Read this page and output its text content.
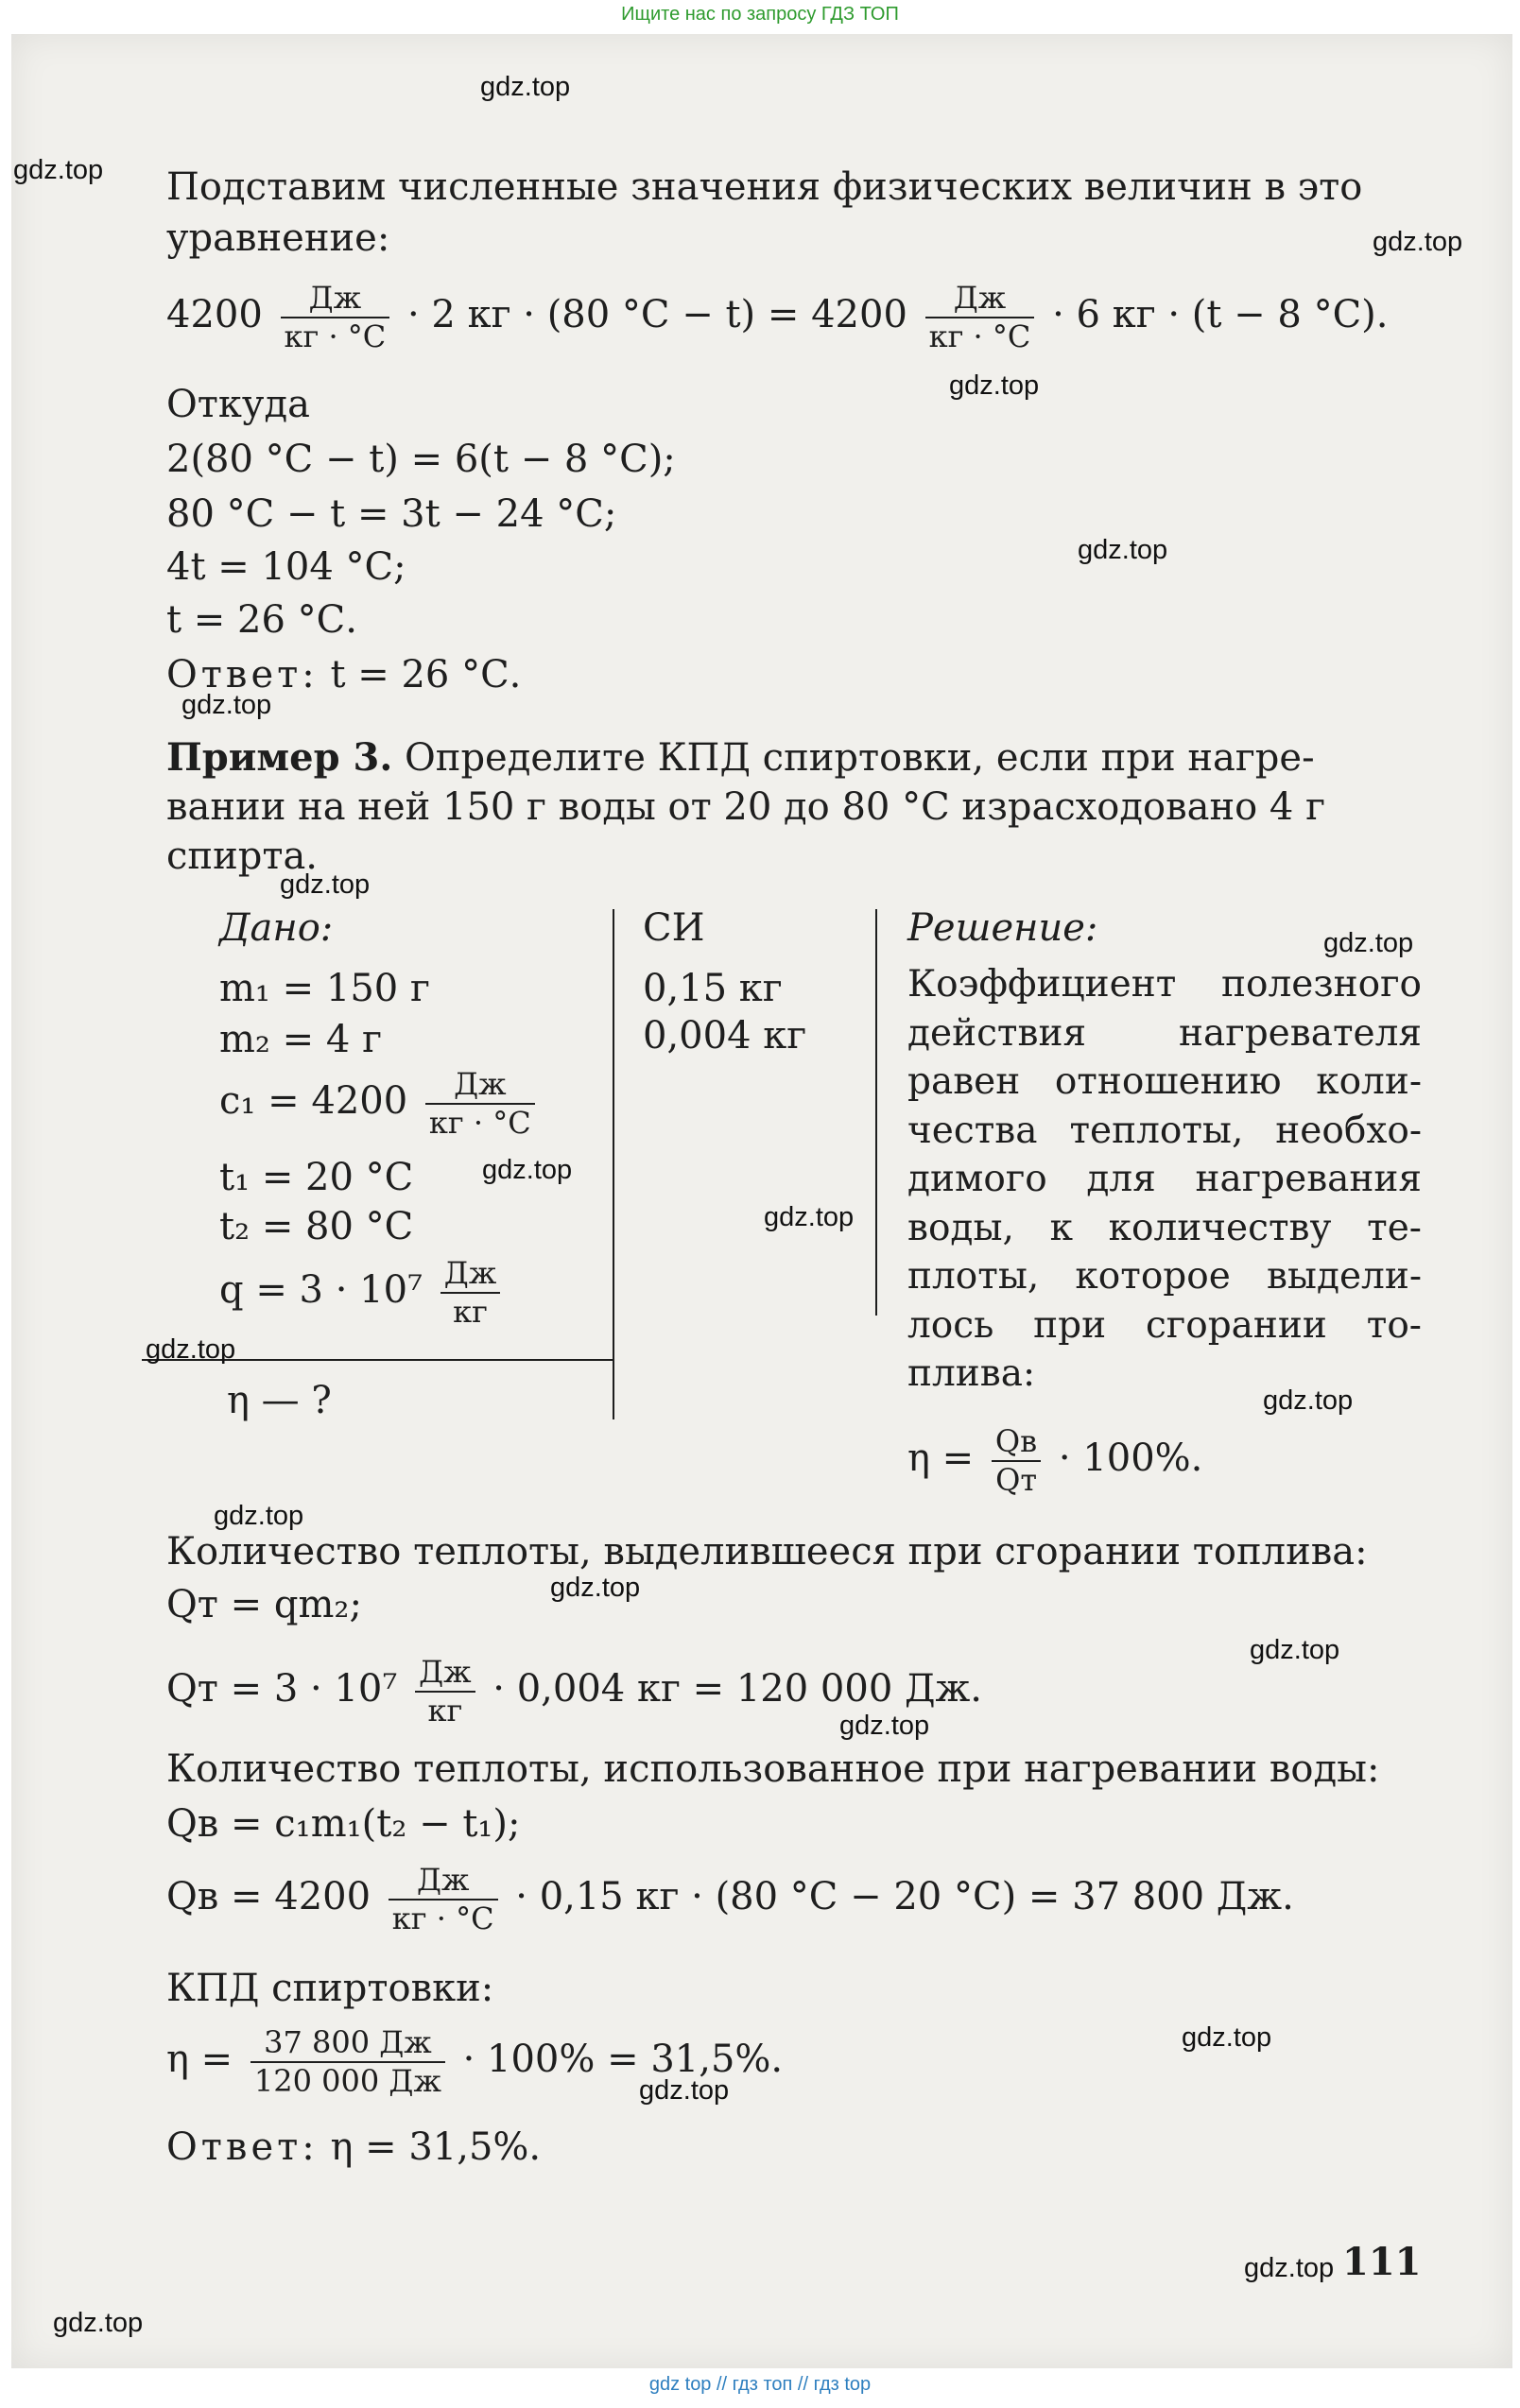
Ищите нас по запросу ГДЗ ТОП
Подставим численные значения физических величин в это
уравнение:
$4200 \frac{Дж}{кг \cdot ^\circ С} \cdot 2$ кг · (80 $^\circ С - t) = 4200 \frac{Дж}{кг \cdot ^\circ С} \cdot 6$ кг · (t − 8 °С).
Откуда
2(80 °С − t) = 6(t − 8 °С);
80 °С − t = 3t − 24 °С;
4t = 104 °С;
t = 26 °С.
Ответ: t = 26 °С.
Пример 3. Определите КПД спиртовки, если при нагре-
вании на ней 150 г воды от 20 до 80 °С израсходовано 4 г
спирта.
Дано:
m₁ = 150 г
m₂ = 4 г
$c_1 = 4200 \frac{Дж}{кг \cdot ^\circ С}$
t₁ = 20 °С
t₂ = 80 °С
$q = 3 \cdot 10^7 \frac{Дж}{кг}$
η — ?
СИ
0,15 кг
0,004 кг
Решение:
Коэффициент полезного
действия нагревателя
равен отношению коли-
чества теплоты, необхо-
димого для нагревания
воды, к количеству те-
плоты, которое выдели-
лось при сгорании то-
плива:
$\eta = \frac{Qв}{Qт} \cdot 100\%$.
Количество теплоты, выделившееся при сгорании топлива:
Qт = qm₂;
Qт = $3 \cdot 10^7 \frac{Дж}{кг} \cdot 0,004$ кг = 120 000 Дж.
Количество теплоты, использованное при нагревании воды:
Qв = c₁m₁(t₂ − t₁);
Qв = $4200 \frac{Дж}{кг \cdot ^\circ С} \cdot 0,15$ кг · (80 °С − 20 °С) = 37 800 Дж.
КПД спиртовки:
$\eta = \frac{37 800 Дж}{120 000 Дж} \cdot 100\% = 31,5\%$.
Ответ: η = 31,5%.
111
gdz.top
gdz.top
gdz.top
gdz.top
gdz.top
gdz.top
gdz.top
gdz.top
gdz.top
gdz.top
gdz.top
gdz.top
gdz.top
gdz.top
gdz.top
gdz.top
gdz.top
gdz.top
gdz.top
gdz.top
gdz top // гдз топ // гдз top
